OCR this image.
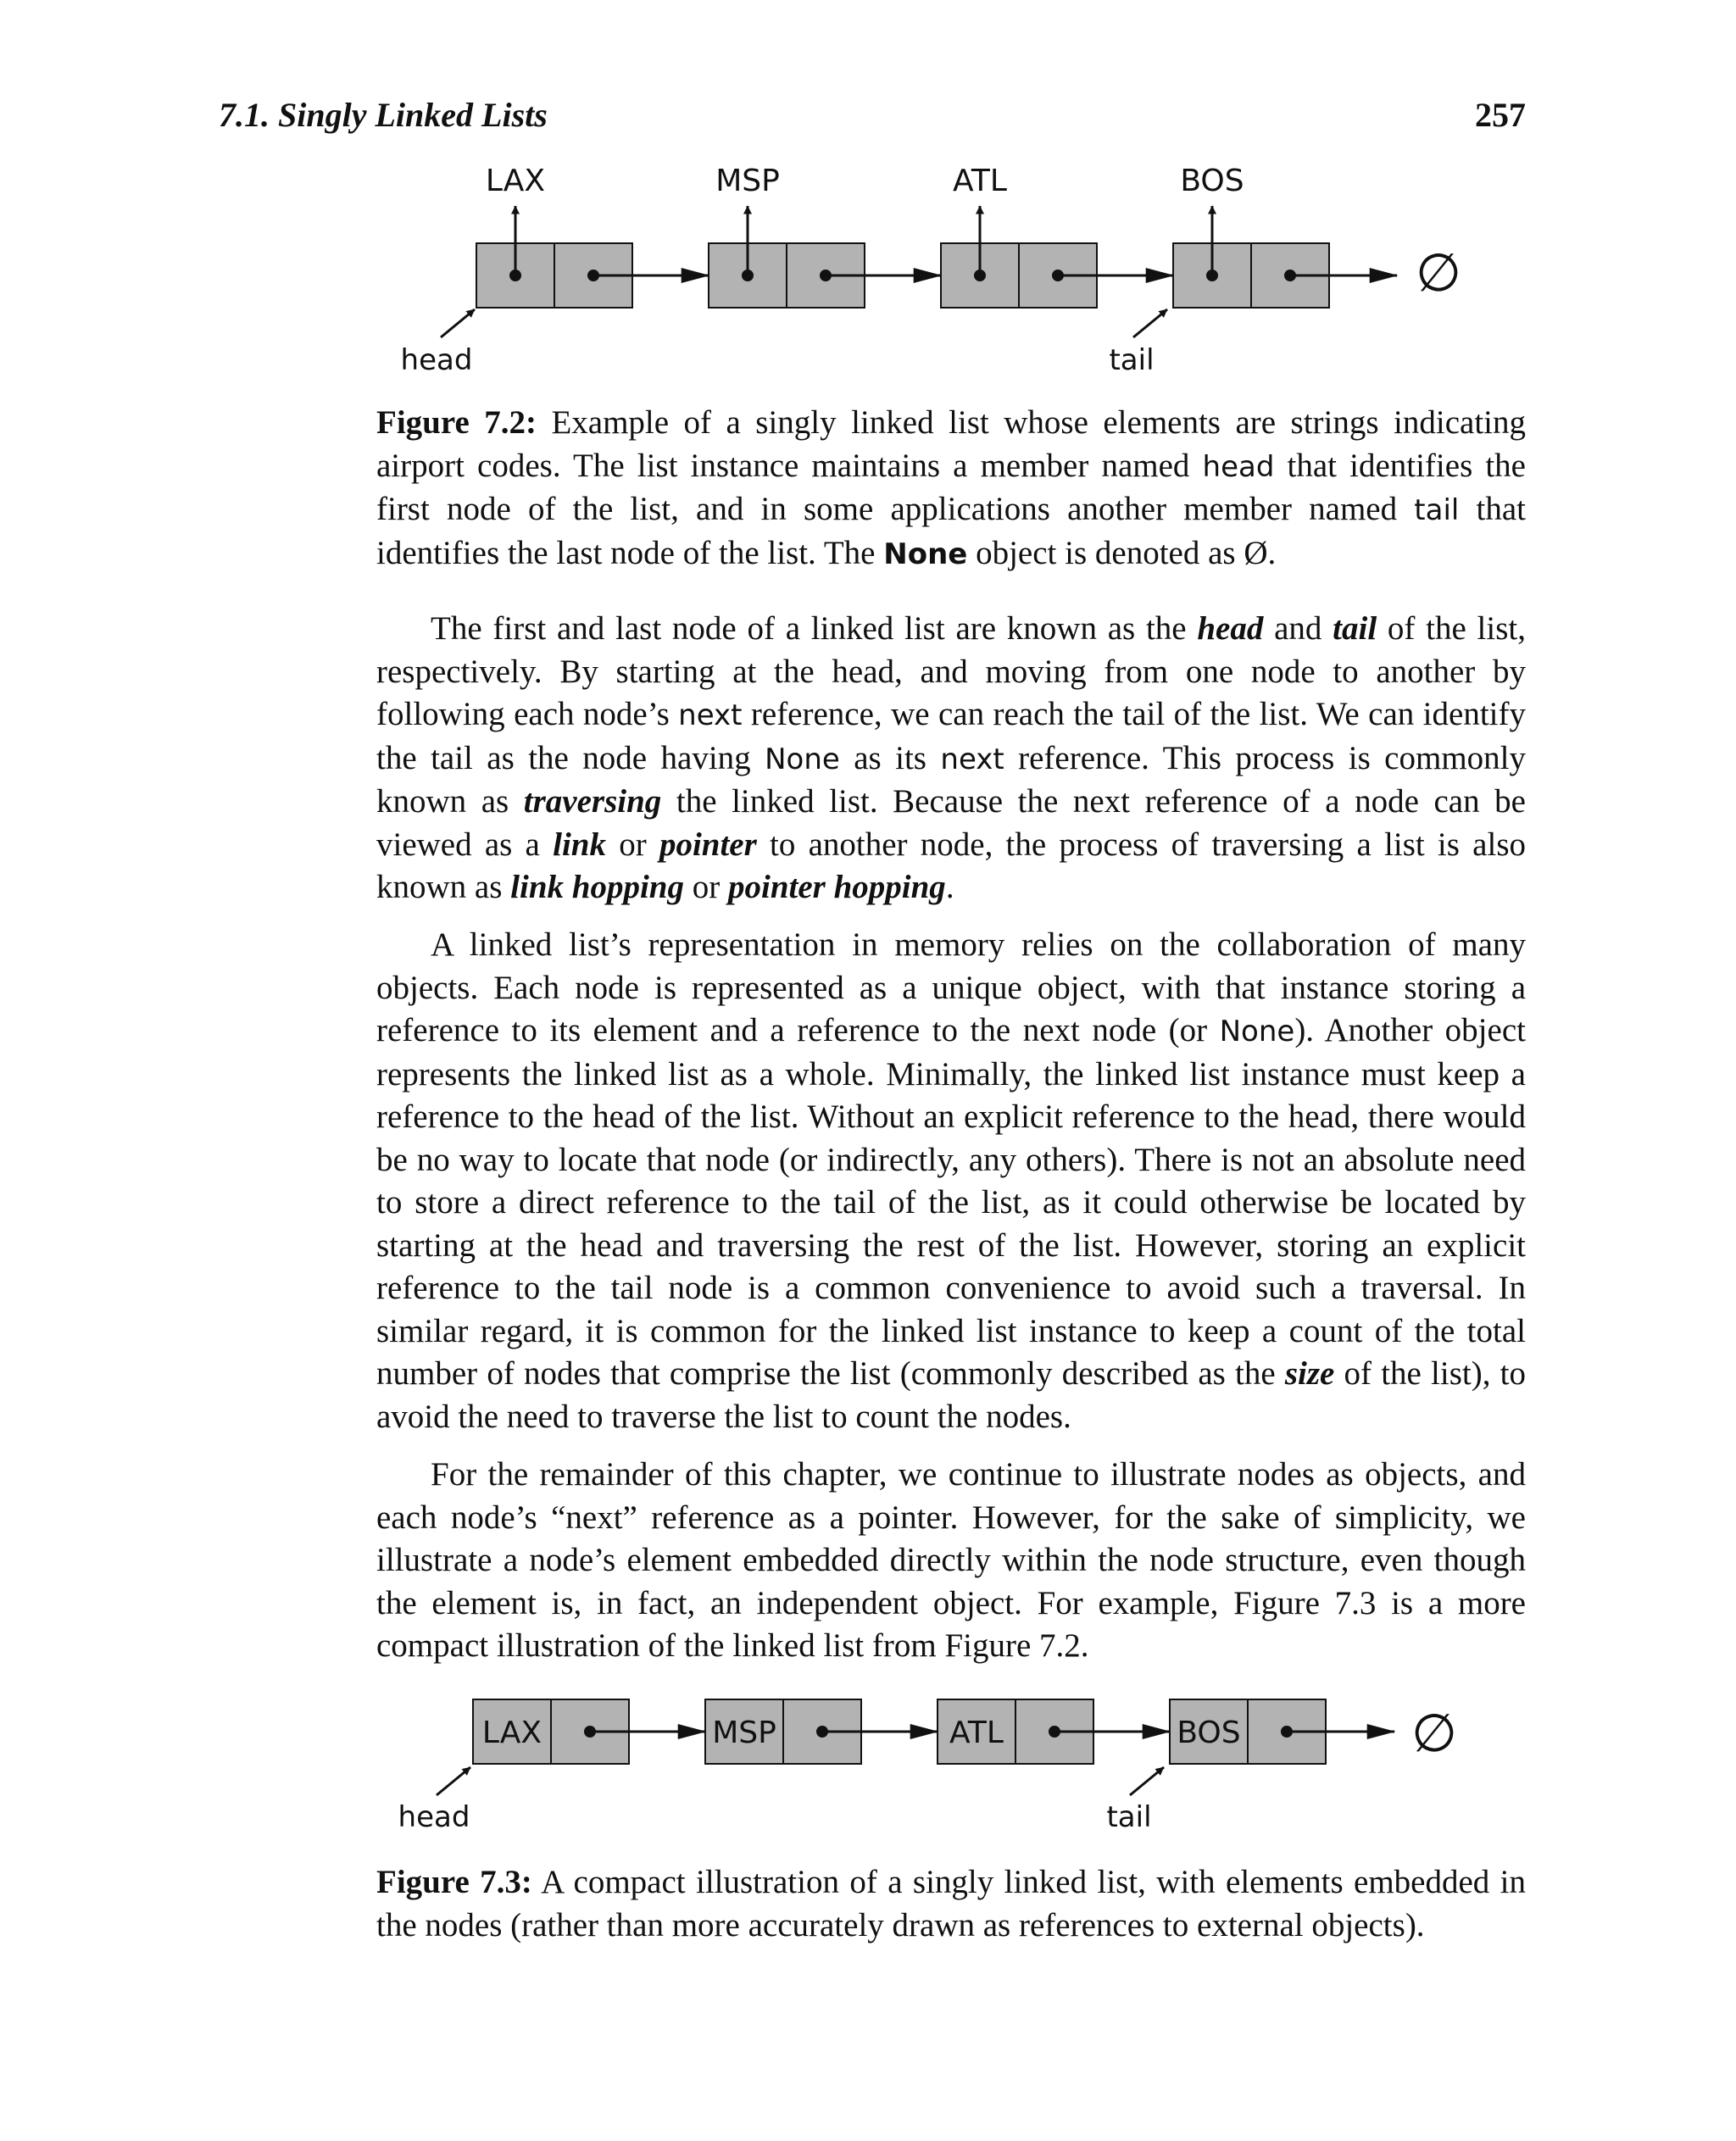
7.1. Singly Linked Lists	257
LAX	MSP	ATL	BOS
∅
head	tail
Figure 7.2: Example of a singly linked list whose elements are strings indicating airport codes. The list instance maintains a member named head that identifies the first node of the list, and in some applications another member named tail that identifies the last node of the list. The None object is denoted as Ø.
The first and last node of a linked list are known as the head and tail of the list, respectively. By starting at the head, and moving from one node to another by following each node’s next reference, we can reach the tail of the list. We can identify the tail as the node having None as its next reference. This process is commonly known as traversing the linked list. Because the next reference of a node can be viewed as a link or pointer to another node, the process of traversing a list is also known as link hopping or pointer hopping.
A linked list’s representation in memory relies on the collaboration of many objects. Each node is represented as a unique object, with that instance storing a reference to its element and a reference to the next node (or None). Another object represents the linked list as a whole. Minimally, the linked list instance must keep a reference to the head of the list. Without an explicit reference to the head, there would be no way to locate that node (or indirectly, any others). There is not an absolute need to store a direct reference to the tail of the list, as it could otherwise be located by starting at the head and traversing the rest of the list. However, storing an explicit reference to the tail node is a common convenience to avoid such a traversal. In similar regard, it is common for the linked list instance to keep a count of the total number of nodes that comprise the list (commonly described as the size of the list), to avoid the need to traverse the list to count the nodes.
For the remainder of this chapter, we continue to illustrate nodes as objects, and each node’s “next” reference as a pointer. However, for the sake of simplicity, we illustrate a node’s element embedded directly within the node structure, even though the element is, in fact, an independent object. For example, Figure 7.3 is a more compact illustration of the linked list from Figure 7.2.
LAX	MSP	ATL	BOS	∅
head	tail
Figure 7.3: A compact illustration of a singly linked list, with elements embedded in the nodes (rather than more accurately drawn as references to external objects).
